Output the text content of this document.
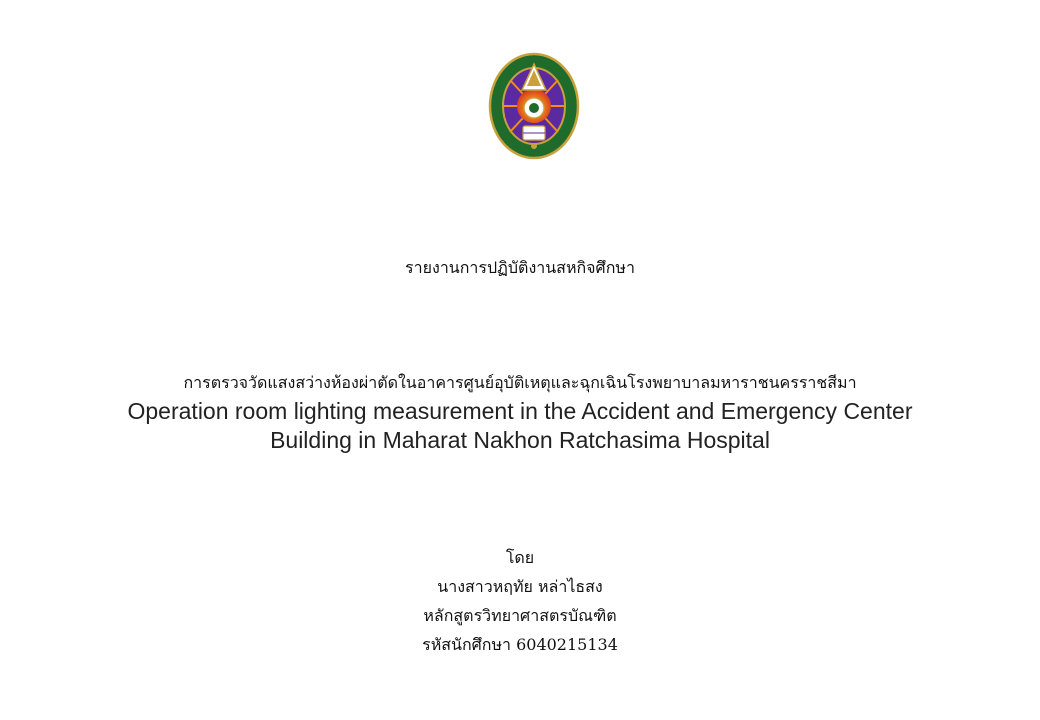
รายงานการปฏิบัติงานสหกิจศึกษา
การตรวจวัดแสงสว่างห้องผ่าตัดในอาคารศูนย์อุบัติเหตุและฉุกเฉินโรงพยาบาลมหาราชนครราชสีมา
Operation room lighting measurement in the Accident and Emergency Center
Building in Maharat Nakhon Ratchasima Hospital
โดย
นางสาวหฤทัย หล่าไธสง
หลักสูตรวิทยาศาสตรบัณฑิต
รหัสนักศึกษา 6040215134
